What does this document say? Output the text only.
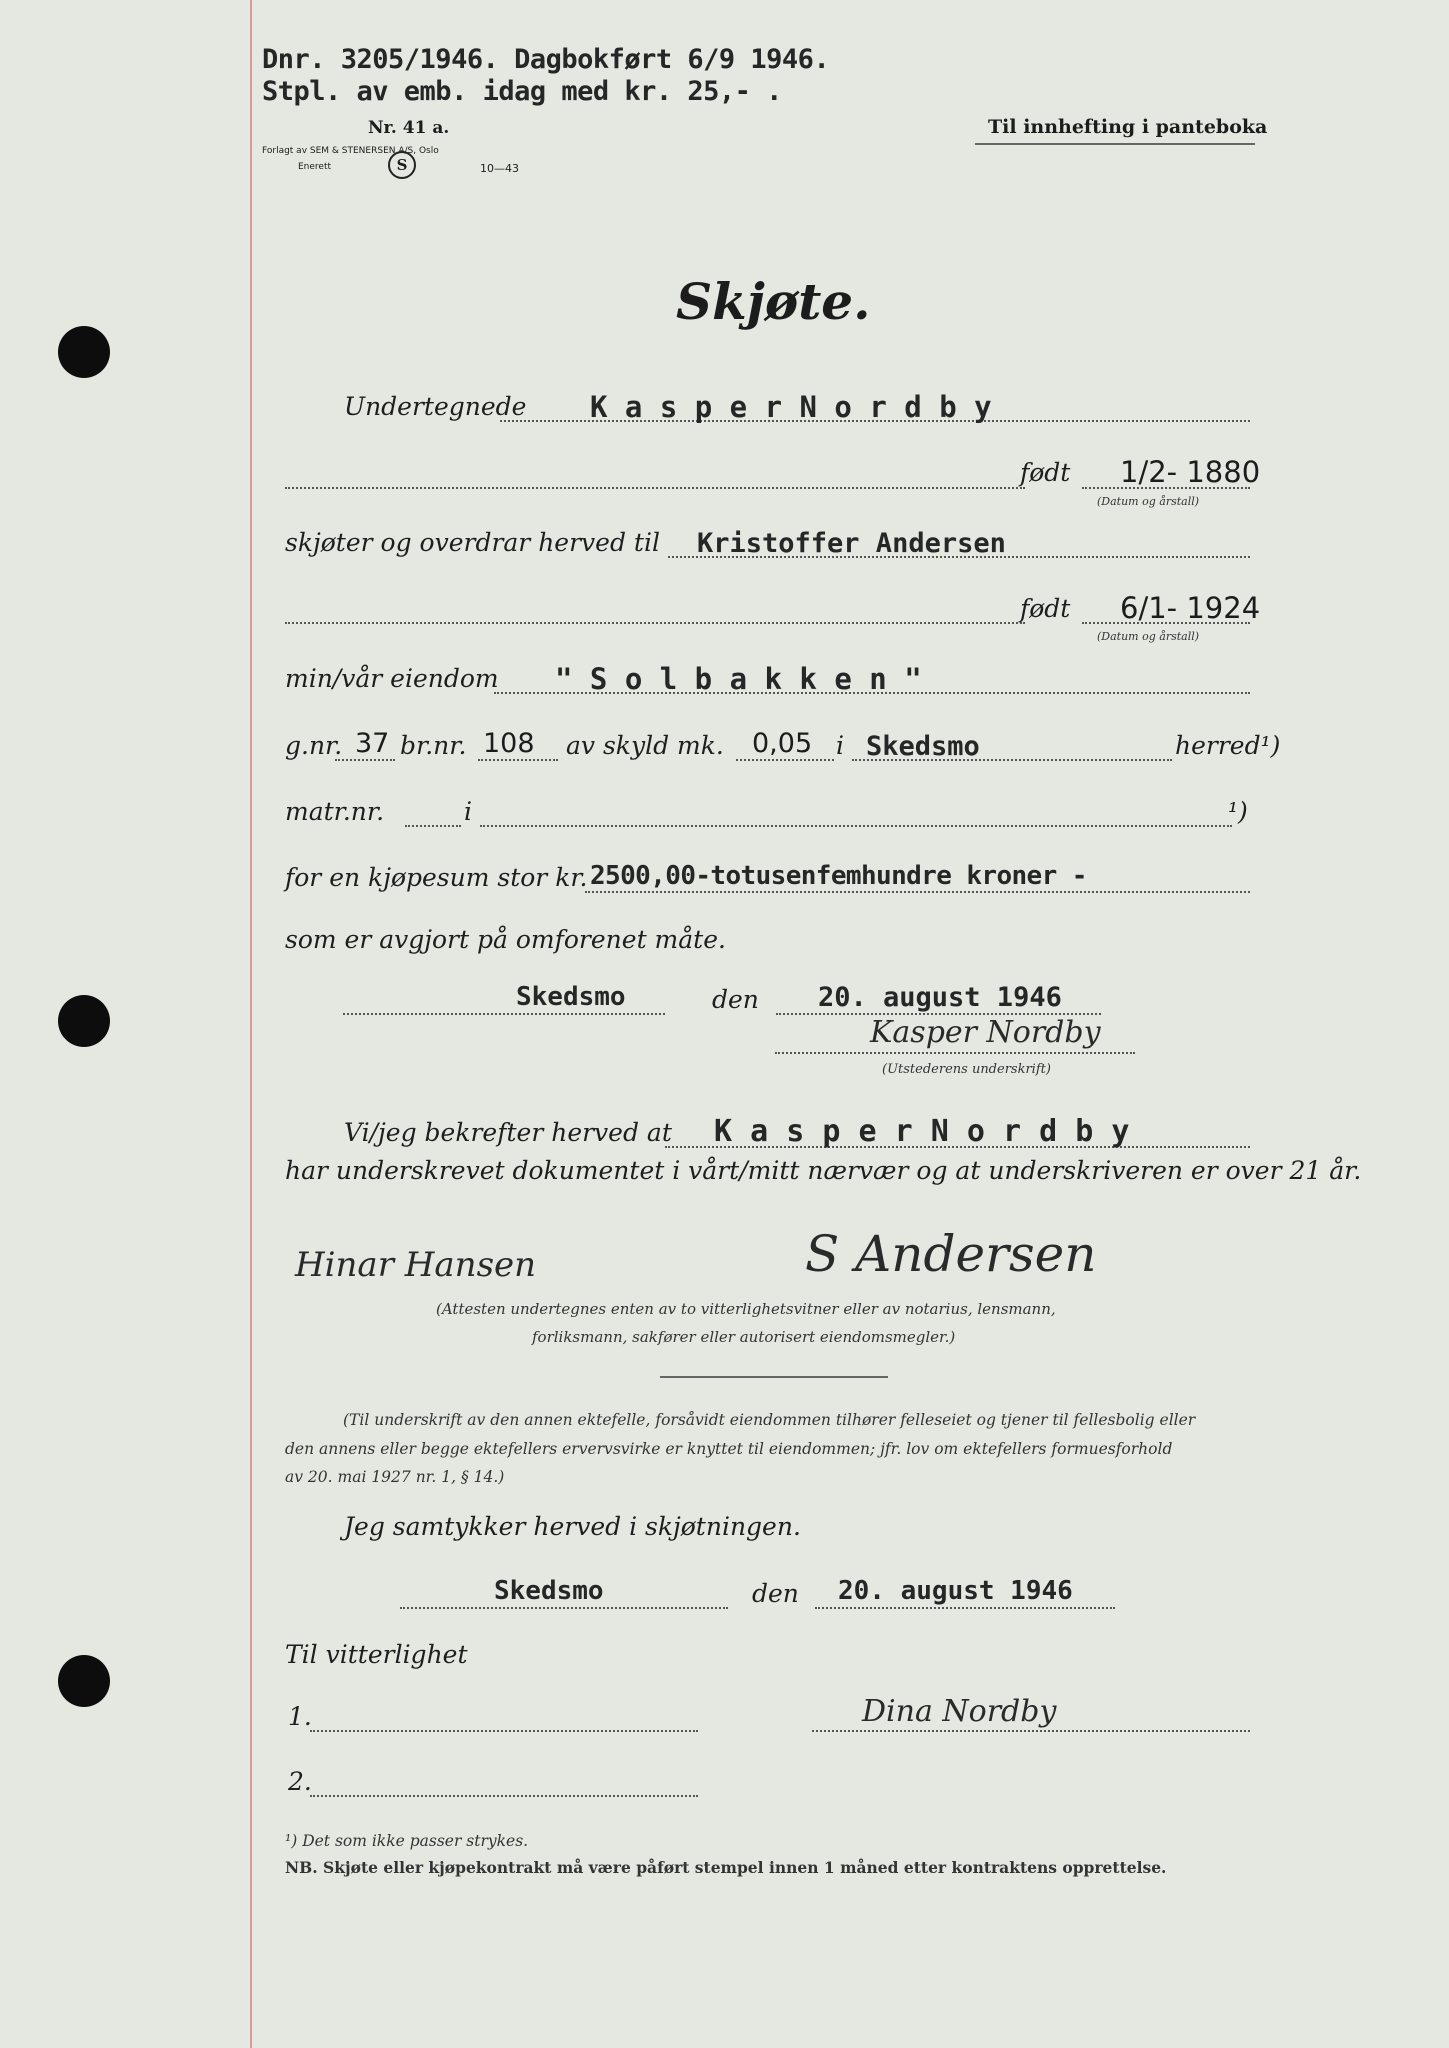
Dnr. 3205/1946. Dagbokført 6/9 1946.
Stpl. av emb. idag med kr. 25,- .
Nr. 41 a.
Forlagt av SEM & STENERSEN A/S, Oslo
Enerett	S	10—43
Til innhefting i panteboka
Skjøte.
Undertegnede K a s p e r N o r d b y
født 1/2- 1880
(Datum og årstall)
skjøter og overdrar herved til Kristoffer Andersen
født 6/1- 1924
(Datum og årstall)
min/vår eiendom " S o l b a k k e n "
g.nr. 37 br.nr. 108 av skyld mk. 0,05 i Skedsmo	herred¹)
matr.nr.	i	¹)
for en kjøpesum stor kr. 2500,00-totusenfemhundre kroner -
som er avgjort på omforenet måte.
Skedsmo	den 20. august 1946
Kasper Nordby
(Utstederens underskrift)
Vi/jeg bekrefter herved at K a s p e r N o r d b y
har underskrevet dokumentet i vårt/mitt nærvær og at underskriveren er over 21 år.
Hinar Hansen	S Andersen
(Attesten undertegnes enten av to vitterlighetsvitner eller av notarius, lensmann,
forliksmann, sakfører eller autorisert eiendomsmegler.)
(Til underskrift av den annen ektefelle, forsåvidt eiendommen tilhører felleseiet og tjener til fellesbolig eller
den annens eller begge ektefellers ervervsvirke er knyttet til eiendommen; jfr. lov om ektefellers formuesforhold
av 20. mai 1927 nr. 1, § 14.)
Jeg samtykker herved i skjøtningen.
Skedsmo	den 20. august 1946
Til vitterlighet
1.	Dina Nordby
2.
¹) Det som ikke passer strykes.
NB. Skjøte eller kjøpekontrakt må være påført stempel innen 1 måned etter kontraktens opprettelse.
